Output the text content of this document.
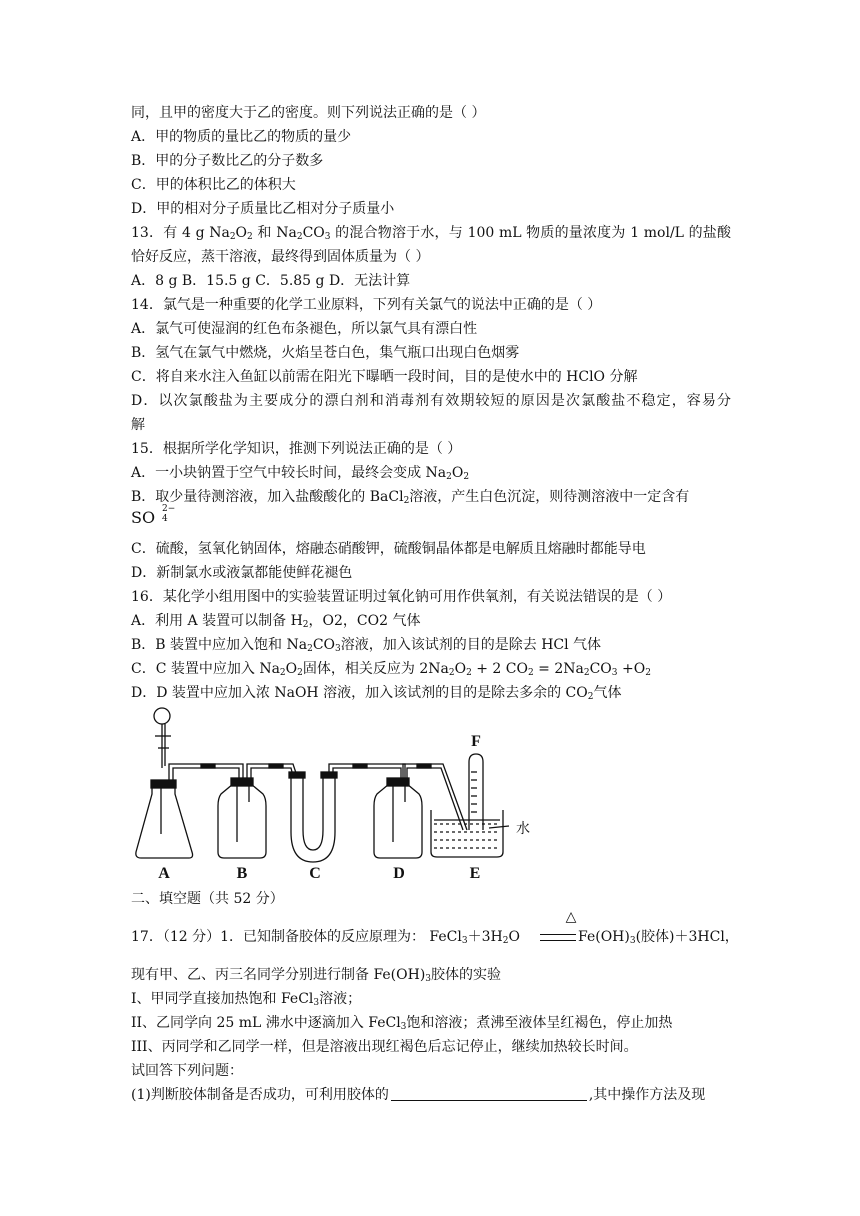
同，且甲的密度大于乙的密度。则下列说法正确的是（ ）
A．甲的物质的量比乙的物质的量少
B．甲的分子数比乙的分子数多
C．甲的体积比乙的体积大
D．甲的相对分子质量比乙相对分子质量小
13．有 4 g $Na_2O_2$ 和 $Na_2CO_3$ 的混合物溶于水，与 100 mL 物质的量浓度为 1 mol/L 的盐酸
恰好反应，蒸干溶液，最终得到固体质量为（ ）
A．8 g B．15.5 g C．5.85 g D．无法计算
14．氯气是一种重要的化学工业原料，下列有关氯气的说法中正确的是（ ）
A．氯气可使湿润的红色布条褪色，所以氯气具有漂白性
B．氢气在氯气中燃烧，火焰呈苍白色，集气瓶口出现白色烟雾
C．将自来水注入鱼缸以前需在阳光下曝晒一段时间，目的是使水中的 HClO 分解
D．以次氯酸盐为主要成分的漂白剂和消毒剂有效期较短的原因是次氯酸盐不稳定，容易分
解
15．根据所学化学知识，推测下列说法正确的是（ ）
A．一小块钠置于空气中较长时间，最终会变成 $Na_2O_2$
B．取少量待测溶液，加入盐酸酸化的 BaCl$_2$溶液，产生白色沉淀，则待测溶液中一定含有
SO 2−
4
C．硫酸，氢氧化钠固体，熔融态硝酸钾，硫酸铜晶体都是电解质且熔融时都能导电
D．新制氯水或液氯都能使鲜花褪色
16．某化学小组用图中的实验装置证明过氧化钠可用作供氧剂，有关说法错误的是（ ）
A．利用 A 装置可以制备 $H_2$，O2，CO2 气体
B．B 装置中应加入饱和 $Na_2CO_3$溶液，加入该试剂的目的是除去 HCl 气体
C．C 装置中应加入 $Na_2O_2$固体，相关反应为 $2Na_2O_2 + 2$ $CO_2 = 2Na_2CO_3 +O_2$
D．D 装置中应加入浓 NaOH 溶液，加入该试剂的目的是除去多余的 $CO_2$气体
A	B	C	D	E
F
水
二、填空题（共 52 分）
17．（12 分）1．已知制备胶体的反应原理为： $FeCl_3+3H_2O$
△
$Fe(OH)_3$(胶体)＋3HCl，
现有甲、乙、丙三名同学分别进行制备 $Fe(OH)_3$胶体的实验
I、甲同学直接加热饱和 FeCl$_3$溶液；
II、乙同学向 25 mL 沸水中逐滴加入 FeCl$_3$饱和溶液；煮沸至液体呈红褐色，停止加热
III、丙同学和乙同学一样，但是溶液出现红褐色后忘记停止，继续加热较长时间。
试回答下列问题：
(1)判断胶体制备是否成功，可利用胶体的	,其中操作方法及现
